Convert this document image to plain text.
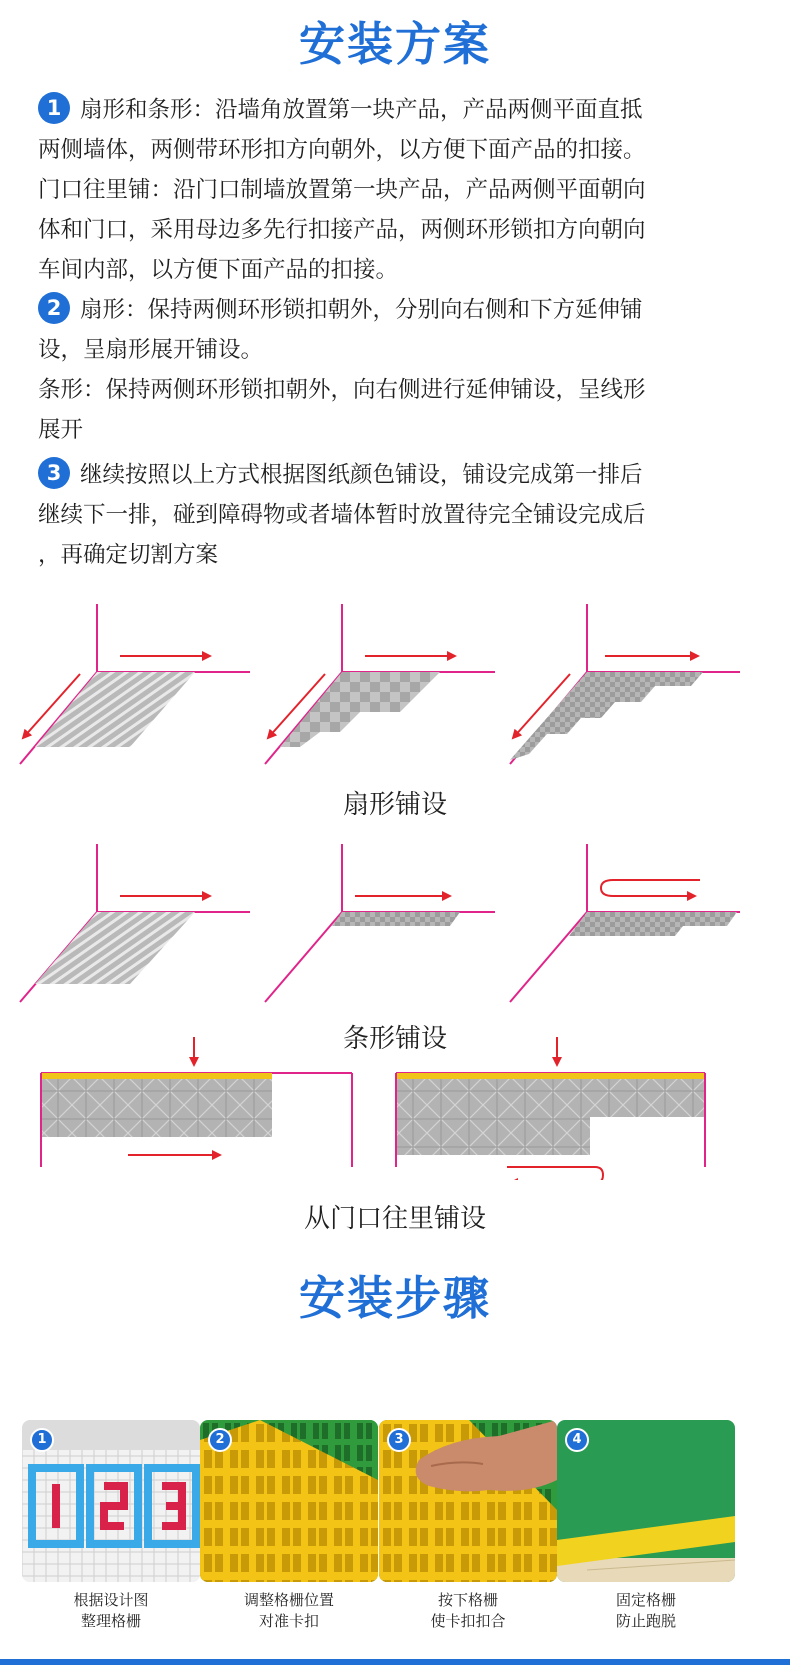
安装方案

1 扇形和条形：沿墙角放置第一块产品，产品两侧平面直抵

两侧墙体，两侧带环形扣方向朝外，以方便下面产品的扣接。

门口往里铺：沿门口制墙放置第一块产品，产品两侧平面朝向

体和门口，采用母边多先行扣接产品，两侧环形锁扣方向朝向

车间内部，以方便下面产品的扣接。

2 扇形：保持两侧环形锁扣朝外，分别向右侧和下方延伸铺

设，呈扇形展开铺设。

条形：保持两侧环形锁扣朝外，向右侧进行延伸铺设，呈线形

展开

3 继续按照以上方式根据图纸颜色铺设，铺设完成第一排后

继续下一排，碰到障碍物或者墙体暂时放置待完全铺设完成后

，再确定切割方案

扇形铺设
条形铺设
从门口往里铺设
安装步骤
1	2	3	4
根据设计图
整理格栅
调整格栅位置
对准卡扣
按下格栅
使卡扣扣合
固定格栅
防止跑脱
